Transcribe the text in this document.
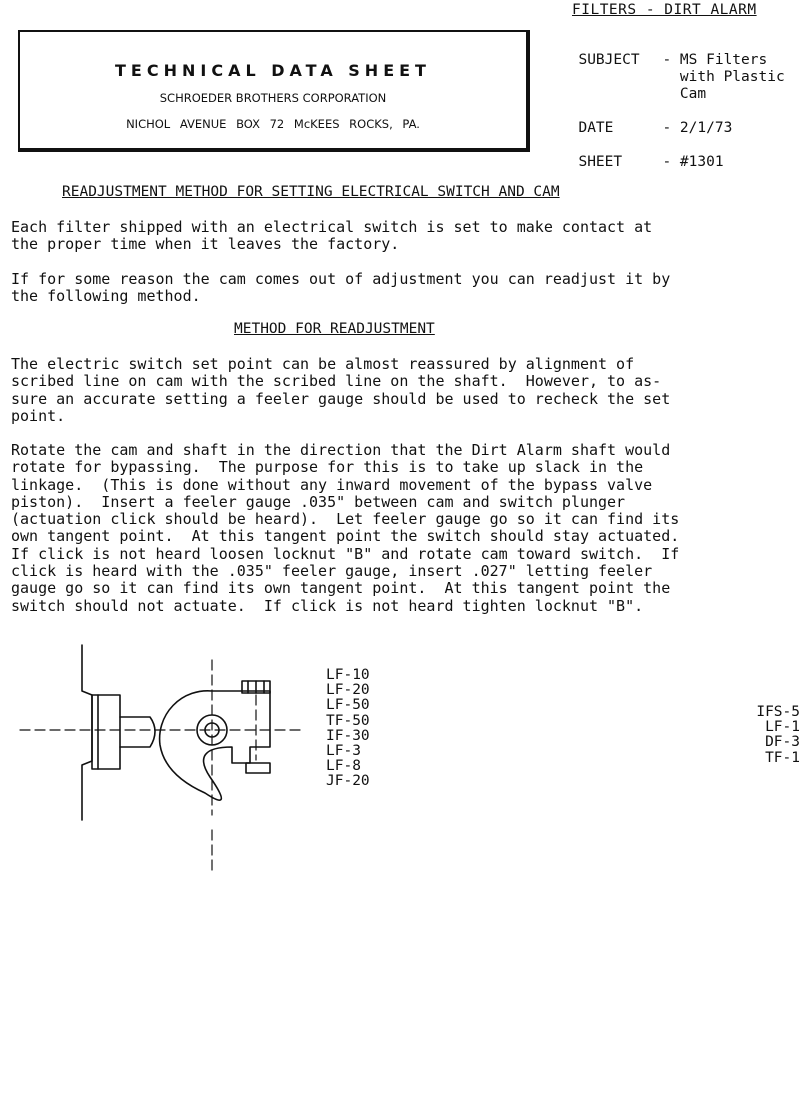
FILTERS - DIRT ALARM
TECHNICAL DATA SHEET
SCHROEDER BROTHERS CORPORATION
NICHOL AVENUE BOX 72 McKEES ROCKS, PA.

SUBJECT - MS Filters
with Plastic
Cam

DATE	- 2/1/73

SHEET	- #1301

READJUSTMENT METHOD FOR SETTING ELECTRICAL SWITCH AND CAM

Each filter shipped with an electrical switch is set to make contact at
the proper time when it leaves the factory.

If for some reason the cam comes out of adjustment you can readjust it by
the following method.

METHOD FOR READJUSTMENT

The electric switch set point can be almost reassured by alignment of
scribed line on cam with the scribed line on the shaft.  However, to as-
sure an accurate setting a feeler gauge should be used to recheck the set
point.

Rotate the cam and shaft in the direction that the Dirt Alarm shaft would
rotate for bypassing.  The purpose for this is to take up slack in the
linkage.  (This is done without any inward movement of the bypass valve
piston).  Insert a feeler gauge .035" between cam and switch plunger
(actuation click should be heard).  Let feeler gauge go so it can find its
own tangent point.  At this tangent point the switch should stay actuated.
If click is not heard loosen locknut "B" and rotate cam toward switch.  If
click is heard with the .035" feeler gauge, insert .027" letting feeler
gauge go so it can find its own tangent point.  At this tangent point the
switch should not actuate.  If click is not heard tighten locknut "B".

LF-10
LF-20
LF-50
TF-50
IF-30
LF-3
LF-8
JF-20
IFS-5
LF-1
DF-3
TF-1
